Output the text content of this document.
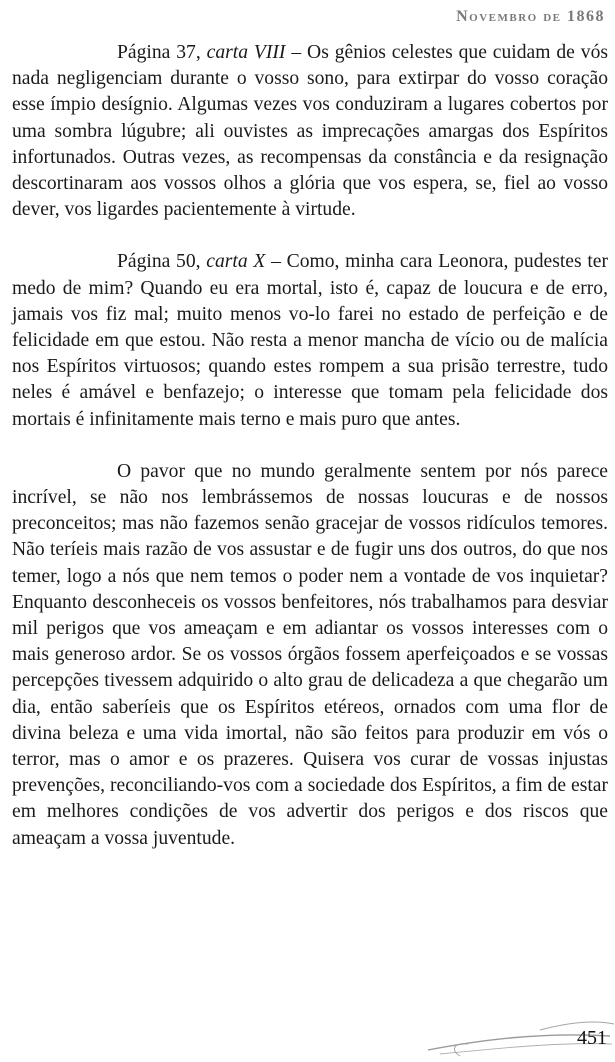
Novembro de 1868

Página 37, carta VIII – Os gênios celestes que cuidam de vós nada negligenciam durante o vosso sono, para extirpar do vosso coração esse ímpio desígnio. Algumas vezes vos conduziram a lugares cobertos por uma sombra lúgubre; ali ouvistes as imprecações amargas dos Espíritos infortunados. Outras vezes, as recompensas da constância e da resignação descortinaram aos vossos olhos a glória que vos espera, se, fiel ao vosso dever, vos ligardes pacientemente à virtude.

Página 50, carta X – Como, minha cara Leonora, pudestes ter medo de mim? Quando eu era mortal, isto é, capaz de loucura e de erro, jamais vos fiz mal; muito menos vo-lo farei no estado de perfeição e de felicidade em que estou. Não resta a menor mancha de vício ou de malícia nos Espíritos virtuosos; quando estes rompem a sua prisão terrestre, tudo neles é amável e benfazejo; o interesse que tomam pela felicidade dos mortais é infinitamente mais terno e mais puro que antes.

O pavor que no mundo geralmente sentem por nós parece incrível, se não nos lembrássemos de nossas loucuras e de nossos preconceitos; mas não fazemos senão gracejar de vossos ridículos temores. Não teríeis mais razão de vos assustar e de fugir uns dos outros, do que nos temer, logo a nós que nem temos o poder nem a vontade de vos inquietar? Enquanto desconheceis os vossos benfeitores, nós trabalhamos para desviar mil perigos que vos ameaçam e em adiantar os vossos interesses com o mais generoso ardor. Se os vossos órgãos fossem aperfeiçoados e se vossas percepções tivessem adquirido o alto grau de delicadeza a que chegarão um dia, então saberíeis que os Espíritos etéreos, ornados com uma flor de divina beleza e uma vida imortal, não são feitos para produzir em vós o terror, mas o amor e os prazeres. Quisera vos curar de vossas injustas prevenções, reconciliando-vos com a sociedade dos Espíritos, a fim de estar em melhores condições de vos advertir dos perigos e dos riscos que ameaçam a vossa juventude.

451
